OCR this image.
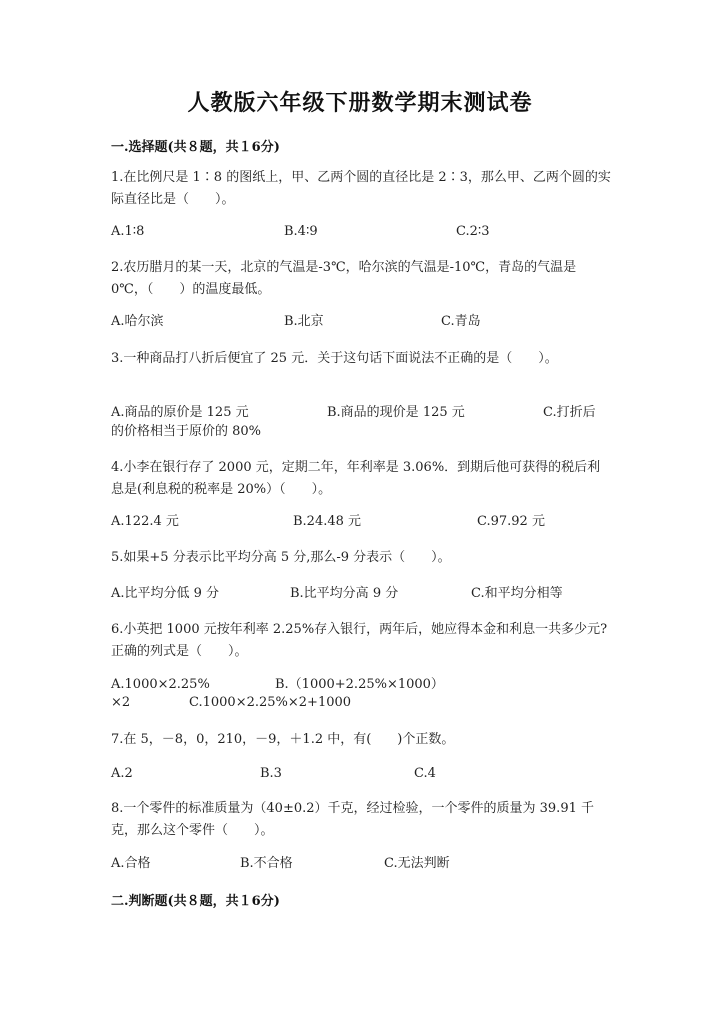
人教版六年级下册数学期末测试卷
一.选择题(共８题，共１6分)
1.在比例尺是 1∶8 的图纸上，甲、乙两个圆的直径比是 2∶3，那么甲、乙两个圆的实际直径比是（　　）。
A.1∶8	B.4∶9	C.2∶3
2.农历腊月的某一天，北京的气温是-3℃，哈尔滨的气温是-10℃，青岛的气温是 0℃，（　　）的温度最低。
A.哈尔滨	B.北京	C.青岛
3.一种商品打八折后便宜了 25 元．关于这句话下面说法不正确的是（　　）。
A.商品的原价是 125 元	B.商品的现价是 125 元	C.打折后
的价格相当于原价的 80%
4.小李在银行存了 2000 元，定期二年，年利率是 3.06%．到期后他可获得的税后利息是(利息税的税率是 20%）（　　）。
A.122.4 元	B.24.48 元	C.97.92 元
5.如果+5 分表示比平均分高 5 分,那么-9 分表示（　　）。
A.比平均分低 9 分	B.比平均分高 9 分	C.和平均分相等
6.小英把 1000 元按年利率 2.25%存入银行，两年后，她应得本金和利息一共多少元?正确的列式是（　　）。
A.1000×2.25%	B.（1000+2.25%×1000）
×2	C.1000×2.25%×2+1000
7.在 5，－8，0，210，－9，＋1.2 中，有(　　)个正数。
A.2	B.3	C.4
8.一个零件的标准质量为（40±0.2）千克，经过检验，一个零件的质量为 39.91 千克，那么这个零件（　　）。
A.合格	B.不合格	C.无法判断
二.判断题(共８题，共１6分)
